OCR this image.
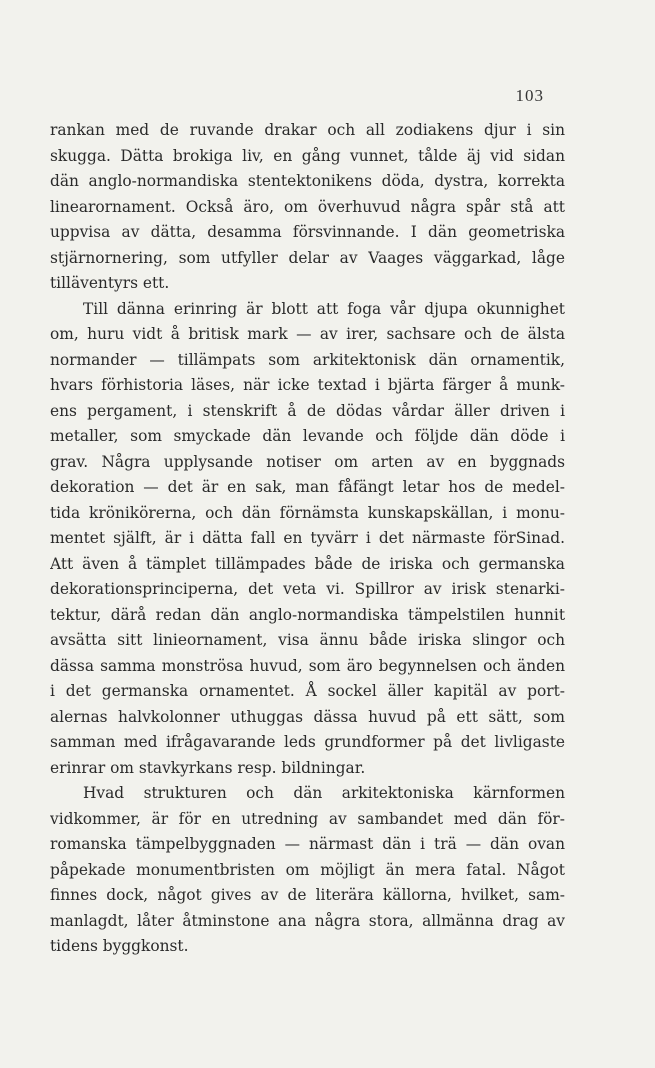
103
rankan med de ruvande drakar och all zodiakens djur i sin
skugga. Dätta brokiga liv, en gång vunnet, tålde äj vid sidan
dän anglo-normandiska stentektonikens döda, dystra, korrekta
linearornament. Också äro, om överhuvud några spår stå att
uppvisa av dätta, desamma försvinnande. I dän geometriska
stjärnornering, som utfyller delar av Vaages väggarkad, låge
tilläventyrs ett.
Till dänna erinring är blott att foga vår djupa okunnighet
om, huru vidt å britisk mark — av irer, sachsare och de älsta
normander — tillämpats som arkitektonisk dän ornamentik,
hvars förhistoria läses, när icke textad i bjärta färger å munk-
ens pergament, i stenskrift å de dödas vårdar äller driven i
metaller, som smyckade dän levande och följde dän döde i
grav. Några upplysande notiser om arten av en byggnads
dekoration — det är en sak, man fåfängt letar hos de medel-
tida krönikörerna, och dän förnämsta kunskapskällan, i monu-
mentet själft, är i dätta fall en tyvärr i det närmaste förSinad.
Att även å tämplet tillämpades både de iriska och germanska
dekorationsprinciperna, det veta vi. Spillror av irisk stenarki-
tektur, därå redan dän anglo-normandiska tämpelstilen hunnit
avsätta sitt linieornament, visa ännu både iriska slingor och
dässa samma monströsa huvud, som äro begynnelsen och änden
i det germanska ornamentet. Å sockel äller kapitäl av port-
alernas halvkolonner uthuggas dässa huvud på ett sätt, som
samman med ifrågavarande leds grundformer på det livligaste
erinrar om stavkyrkans resp. bildningar.
Hvad strukturen och dän arkitektoniska kärnformen
vidkommer, är för en utredning av sambandet med dän för-
romanska tämpelbyggnaden — närmast dän i trä — dän ovan
påpekade monumentbristen om möjligt än mera fatal. Något
finnes dock, något gives av de literära källorna, hvilket, sam-
manlagdt, låter åtminstone ana några stora, allmänna drag av
tidens byggkonst.
